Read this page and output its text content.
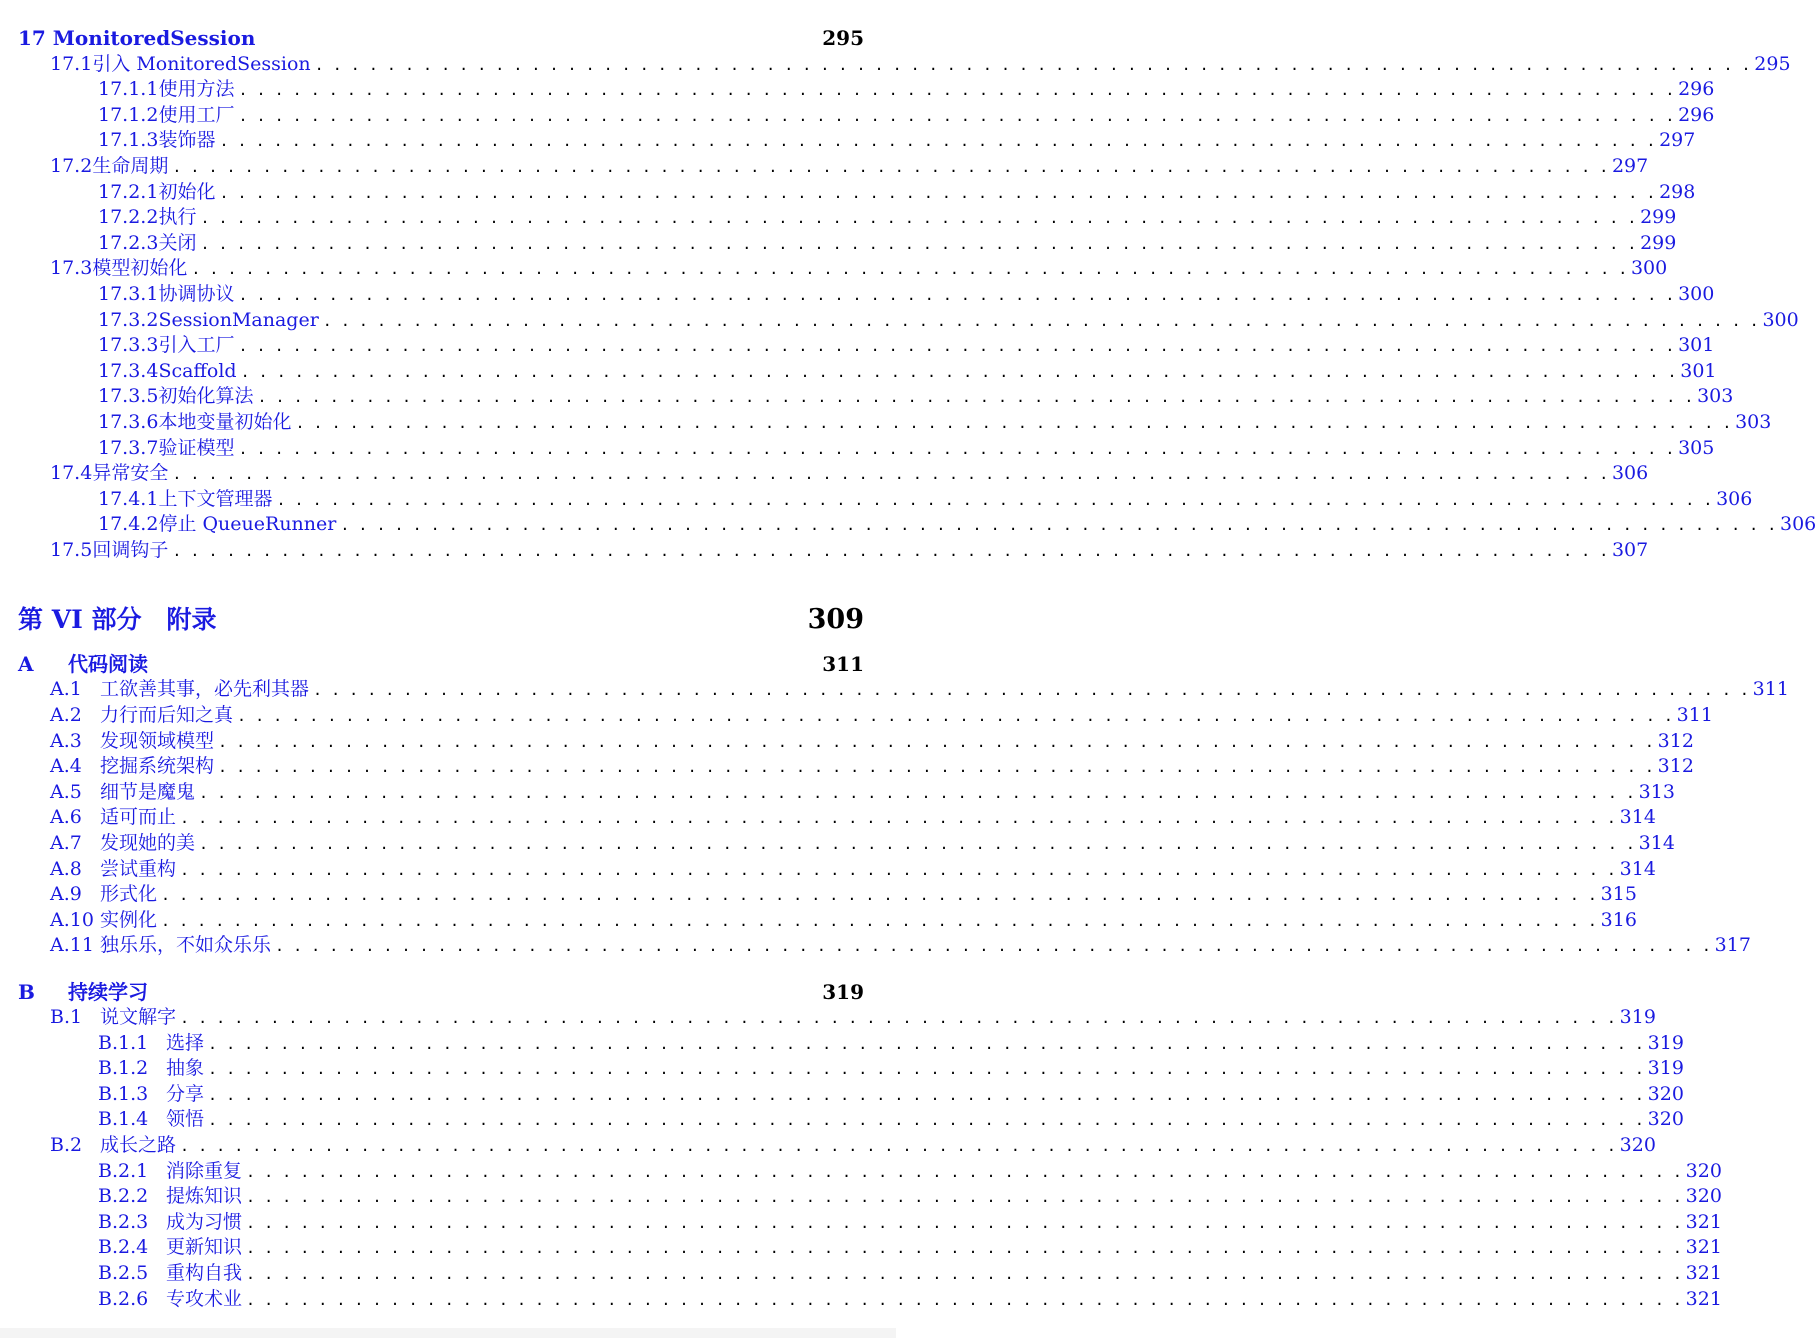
17 MonitoredSession	295
17.1 引入 MonitoredSession . . . . . . . . . . . . . . . . . . . . . . . . . . . . . . . . . . . . . . . . . . . . . . . . . . . . . . . . . . . . . . . . . . . . . . . . . . . . . . . . 295
17.1.1 使用方法 . . . . . . . . . . . . . . . . . . . . . . . . . . . . . . . . . . . . . . . . . . . . . . . . . . . . . . . . . . . . . . . . . . . . . . . . . . . . . . . . 296
17.1.2 使用工厂 . . . . . . . . . . . . . . . . . . . . . . . . . . . . . . . . . . . . . . . . . . . . . . . . . . . . . . . . . . . . . . . . . . . . . . . . . . . . . . . . 296
17.1.3 装饰器 . . . . . . . . . . . . . . . . . . . . . . . . . . . . . . . . . . . . . . . . . . . . . . . . . . . . . . . . . . . . . . . . . . . . . . . . . . . . . . . . 297
17.2 生命周期 . . . . . . . . . . . . . . . . . . . . . . . . . . . . . . . . . . . . . . . . . . . . . . . . . . . . . . . . . . . . . . . . . . . . . . . . . . . . . . . . 297
17.2.1 初始化 . . . . . . . . . . . . . . . . . . . . . . . . . . . . . . . . . . . . . . . . . . . . . . . . . . . . . . . . . . . . . . . . . . . . . . . . . . . . . . . . 298
17.2.2 执行 . . . . . . . . . . . . . . . . . . . . . . . . . . . . . . . . . . . . . . . . . . . . . . . . . . . . . . . . . . . . . . . . . . . . . . . . . . . . . . . . 299
17.2.3 关闭 . . . . . . . . . . . . . . . . . . . . . . . . . . . . . . . . . . . . . . . . . . . . . . . . . . . . . . . . . . . . . . . . . . . . . . . . . . . . . . . . 299
17.3 模型初始化 . . . . . . . . . . . . . . . . . . . . . . . . . . . . . . . . . . . . . . . . . . . . . . . . . . . . . . . . . . . . . . . . . . . . . . . . . . . . . . . . 300
17.3.1 协调协议 . . . . . . . . . . . . . . . . . . . . . . . . . . . . . . . . . . . . . . . . . . . . . . . . . . . . . . . . . . . . . . . . . . . . . . . . . . . . . . . . 300
17.3.2 SessionManager . . . . . . . . . . . . . . . . . . . . . . . . . . . . . . . . . . . . . . . . . . . . . . . . . . . . . . . . . . . . . . . . . . . . . . . . . . . . . . . . 300
17.3.3 引入工厂 . . . . . . . . . . . . . . . . . . . . . . . . . . . . . . . . . . . . . . . . . . . . . . . . . . . . . . . . . . . . . . . . . . . . . . . . . . . . . . . . 301
17.3.4 Scaffold . . . . . . . . . . . . . . . . . . . . . . . . . . . . . . . . . . . . . . . . . . . . . . . . . . . . . . . . . . . . . . . . . . . . . . . . . . . . . . . . 301
17.3.5 初始化算法 . . . . . . . . . . . . . . . . . . . . . . . . . . . . . . . . . . . . . . . . . . . . . . . . . . . . . . . . . . . . . . . . . . . . . . . . . . . . . . . . 303
17.3.6 本地变量初始化 . . . . . . . . . . . . . . . . . . . . . . . . . . . . . . . . . . . . . . . . . . . . . . . . . . . . . . . . . . . . . . . . . . . . . . . . . . . . . . . . 303
17.3.7 验证模型 . . . . . . . . . . . . . . . . . . . . . . . . . . . . . . . . . . . . . . . . . . . . . . . . . . . . . . . . . . . . . . . . . . . . . . . . . . . . . . . . 305
17.4 异常安全 . . . . . . . . . . . . . . . . . . . . . . . . . . . . . . . . . . . . . . . . . . . . . . . . . . . . . . . . . . . . . . . . . . . . . . . . . . . . . . . . 306
17.4.1 上下文管理器 . . . . . . . . . . . . . . . . . . . . . . . . . . . . . . . . . . . . . . . . . . . . . . . . . . . . . . . . . . . . . . . . . . . . . . . . . . . . . . . . 306
17.4.2 停止 QueueRunner . . . . . . . . . . . . . . . . . . . . . . . . . . . . . . . . . . . . . . . . . . . . . . . . . . . . . . . . . . . . . . . . . . . . . . . . . . . . . . . . 306
17.5 回调钩子 . . . . . . . . . . . . . . . . . . . . . . . . . . . . . . . . . . . . . . . . . . . . . . . . . . . . . . . . . . . . . . . . . . . . . . . . . . . . . . . . 307
第 VI 部分　附录	309
A 代码阅读	311
A.1 工欲善其事，必先利其器 . . . . . . . . . . . . . . . . . . . . . . . . . . . . . . . . . . . . . . . . . . . . . . . . . . . . . . . . . . . . . . . . . . . . . . . . . . . . . . . . 311
A.2 力行而后知之真 . . . . . . . . . . . . . . . . . . . . . . . . . . . . . . . . . . . . . . . . . . . . . . . . . . . . . . . . . . . . . . . . . . . . . . . . . . . . . . . . 311
A.3 发现领域模型 . . . . . . . . . . . . . . . . . . . . . . . . . . . . . . . . . . . . . . . . . . . . . . . . . . . . . . . . . . . . . . . . . . . . . . . . . . . . . . . . 312
A.4 挖掘系统架构 . . . . . . . . . . . . . . . . . . . . . . . . . . . . . . . . . . . . . . . . . . . . . . . . . . . . . . . . . . . . . . . . . . . . . . . . . . . . . . . . 312
A.5 细节是魔鬼 . . . . . . . . . . . . . . . . . . . . . . . . . . . . . . . . . . . . . . . . . . . . . . . . . . . . . . . . . . . . . . . . . . . . . . . . . . . . . . . . 313
A.6 适可而止 . . . . . . . . . . . . . . . . . . . . . . . . . . . . . . . . . . . . . . . . . . . . . . . . . . . . . . . . . . . . . . . . . . . . . . . . . . . . . . . . 314
A.7 发现她的美 . . . . . . . . . . . . . . . . . . . . . . . . . . . . . . . . . . . . . . . . . . . . . . . . . . . . . . . . . . . . . . . . . . . . . . . . . . . . . . . . 314
A.8 尝试重构 . . . . . . . . . . . . . . . . . . . . . . . . . . . . . . . . . . . . . . . . . . . . . . . . . . . . . . . . . . . . . . . . . . . . . . . . . . . . . . . . 314
A.9 形式化 . . . . . . . . . . . . . . . . . . . . . . . . . . . . . . . . . . . . . . . . . . . . . . . . . . . . . . . . . . . . . . . . . . . . . . . . . . . . . . . . 315
A.10 实例化 . . . . . . . . . . . . . . . . . . . . . . . . . . . . . . . . . . . . . . . . . . . . . . . . . . . . . . . . . . . . . . . . . . . . . . . . . . . . . . . . 316
A.11 独乐乐，不如众乐乐 . . . . . . . . . . . . . . . . . . . . . . . . . . . . . . . . . . . . . . . . . . . . . . . . . . . . . . . . . . . . . . . . . . . . . . . . . . . . . . . . 317
B 持续学习	319
B.1 说文解字 . . . . . . . . . . . . . . . . . . . . . . . . . . . . . . . . . . . . . . . . . . . . . . . . . . . . . . . . . . . . . . . . . . . . . . . . . . . . . . . . 319
B.1.1 选择 . . . . . . . . . . . . . . . . . . . . . . . . . . . . . . . . . . . . . . . . . . . . . . . . . . . . . . . . . . . . . . . . . . . . . . . . . . . . . . . . 319
B.1.2 抽象 . . . . . . . . . . . . . . . . . . . . . . . . . . . . . . . . . . . . . . . . . . . . . . . . . . . . . . . . . . . . . . . . . . . . . . . . . . . . . . . . 319
B.1.3 分享 . . . . . . . . . . . . . . . . . . . . . . . . . . . . . . . . . . . . . . . . . . . . . . . . . . . . . . . . . . . . . . . . . . . . . . . . . . . . . . . . 320
B.1.4 领悟 . . . . . . . . . . . . . . . . . . . . . . . . . . . . . . . . . . . . . . . . . . . . . . . . . . . . . . . . . . . . . . . . . . . . . . . . . . . . . . . . 320
B.2 成长之路 . . . . . . . . . . . . . . . . . . . . . . . . . . . . . . . . . . . . . . . . . . . . . . . . . . . . . . . . . . . . . . . . . . . . . . . . . . . . . . . . 320
B.2.1 消除重复 . . . . . . . . . . . . . . . . . . . . . . . . . . . . . . . . . . . . . . . . . . . . . . . . . . . . . . . . . . . . . . . . . . . . . . . . . . . . . . . . 320
B.2.2 提炼知识 . . . . . . . . . . . . . . . . . . . . . . . . . . . . . . . . . . . . . . . . . . . . . . . . . . . . . . . . . . . . . . . . . . . . . . . . . . . . . . . . 320
B.2.3 成为习惯 . . . . . . . . . . . . . . . . . . . . . . . . . . . . . . . . . . . . . . . . . . . . . . . . . . . . . . . . . . . . . . . . . . . . . . . . . . . . . . . . 321
B.2.4 更新知识 . . . . . . . . . . . . . . . . . . . . . . . . . . . . . . . . . . . . . . . . . . . . . . . . . . . . . . . . . . . . . . . . . . . . . . . . . . . . . . . . 321
B.2.5 重构自我 . . . . . . . . . . . . . . . . . . . . . . . . . . . . . . . . . . . . . . . . . . . . . . . . . . . . . . . . . . . . . . . . . . . . . . . . . . . . . . . . 321
B.2.6 专攻术业 . . . . . . . . . . . . . . . . . . . . . . . . . . . . . . . . . . . . . . . . . . . . . . . . . . . . . . . . . . . . . . . . . . . . . . . . . . . . . . . . 321
